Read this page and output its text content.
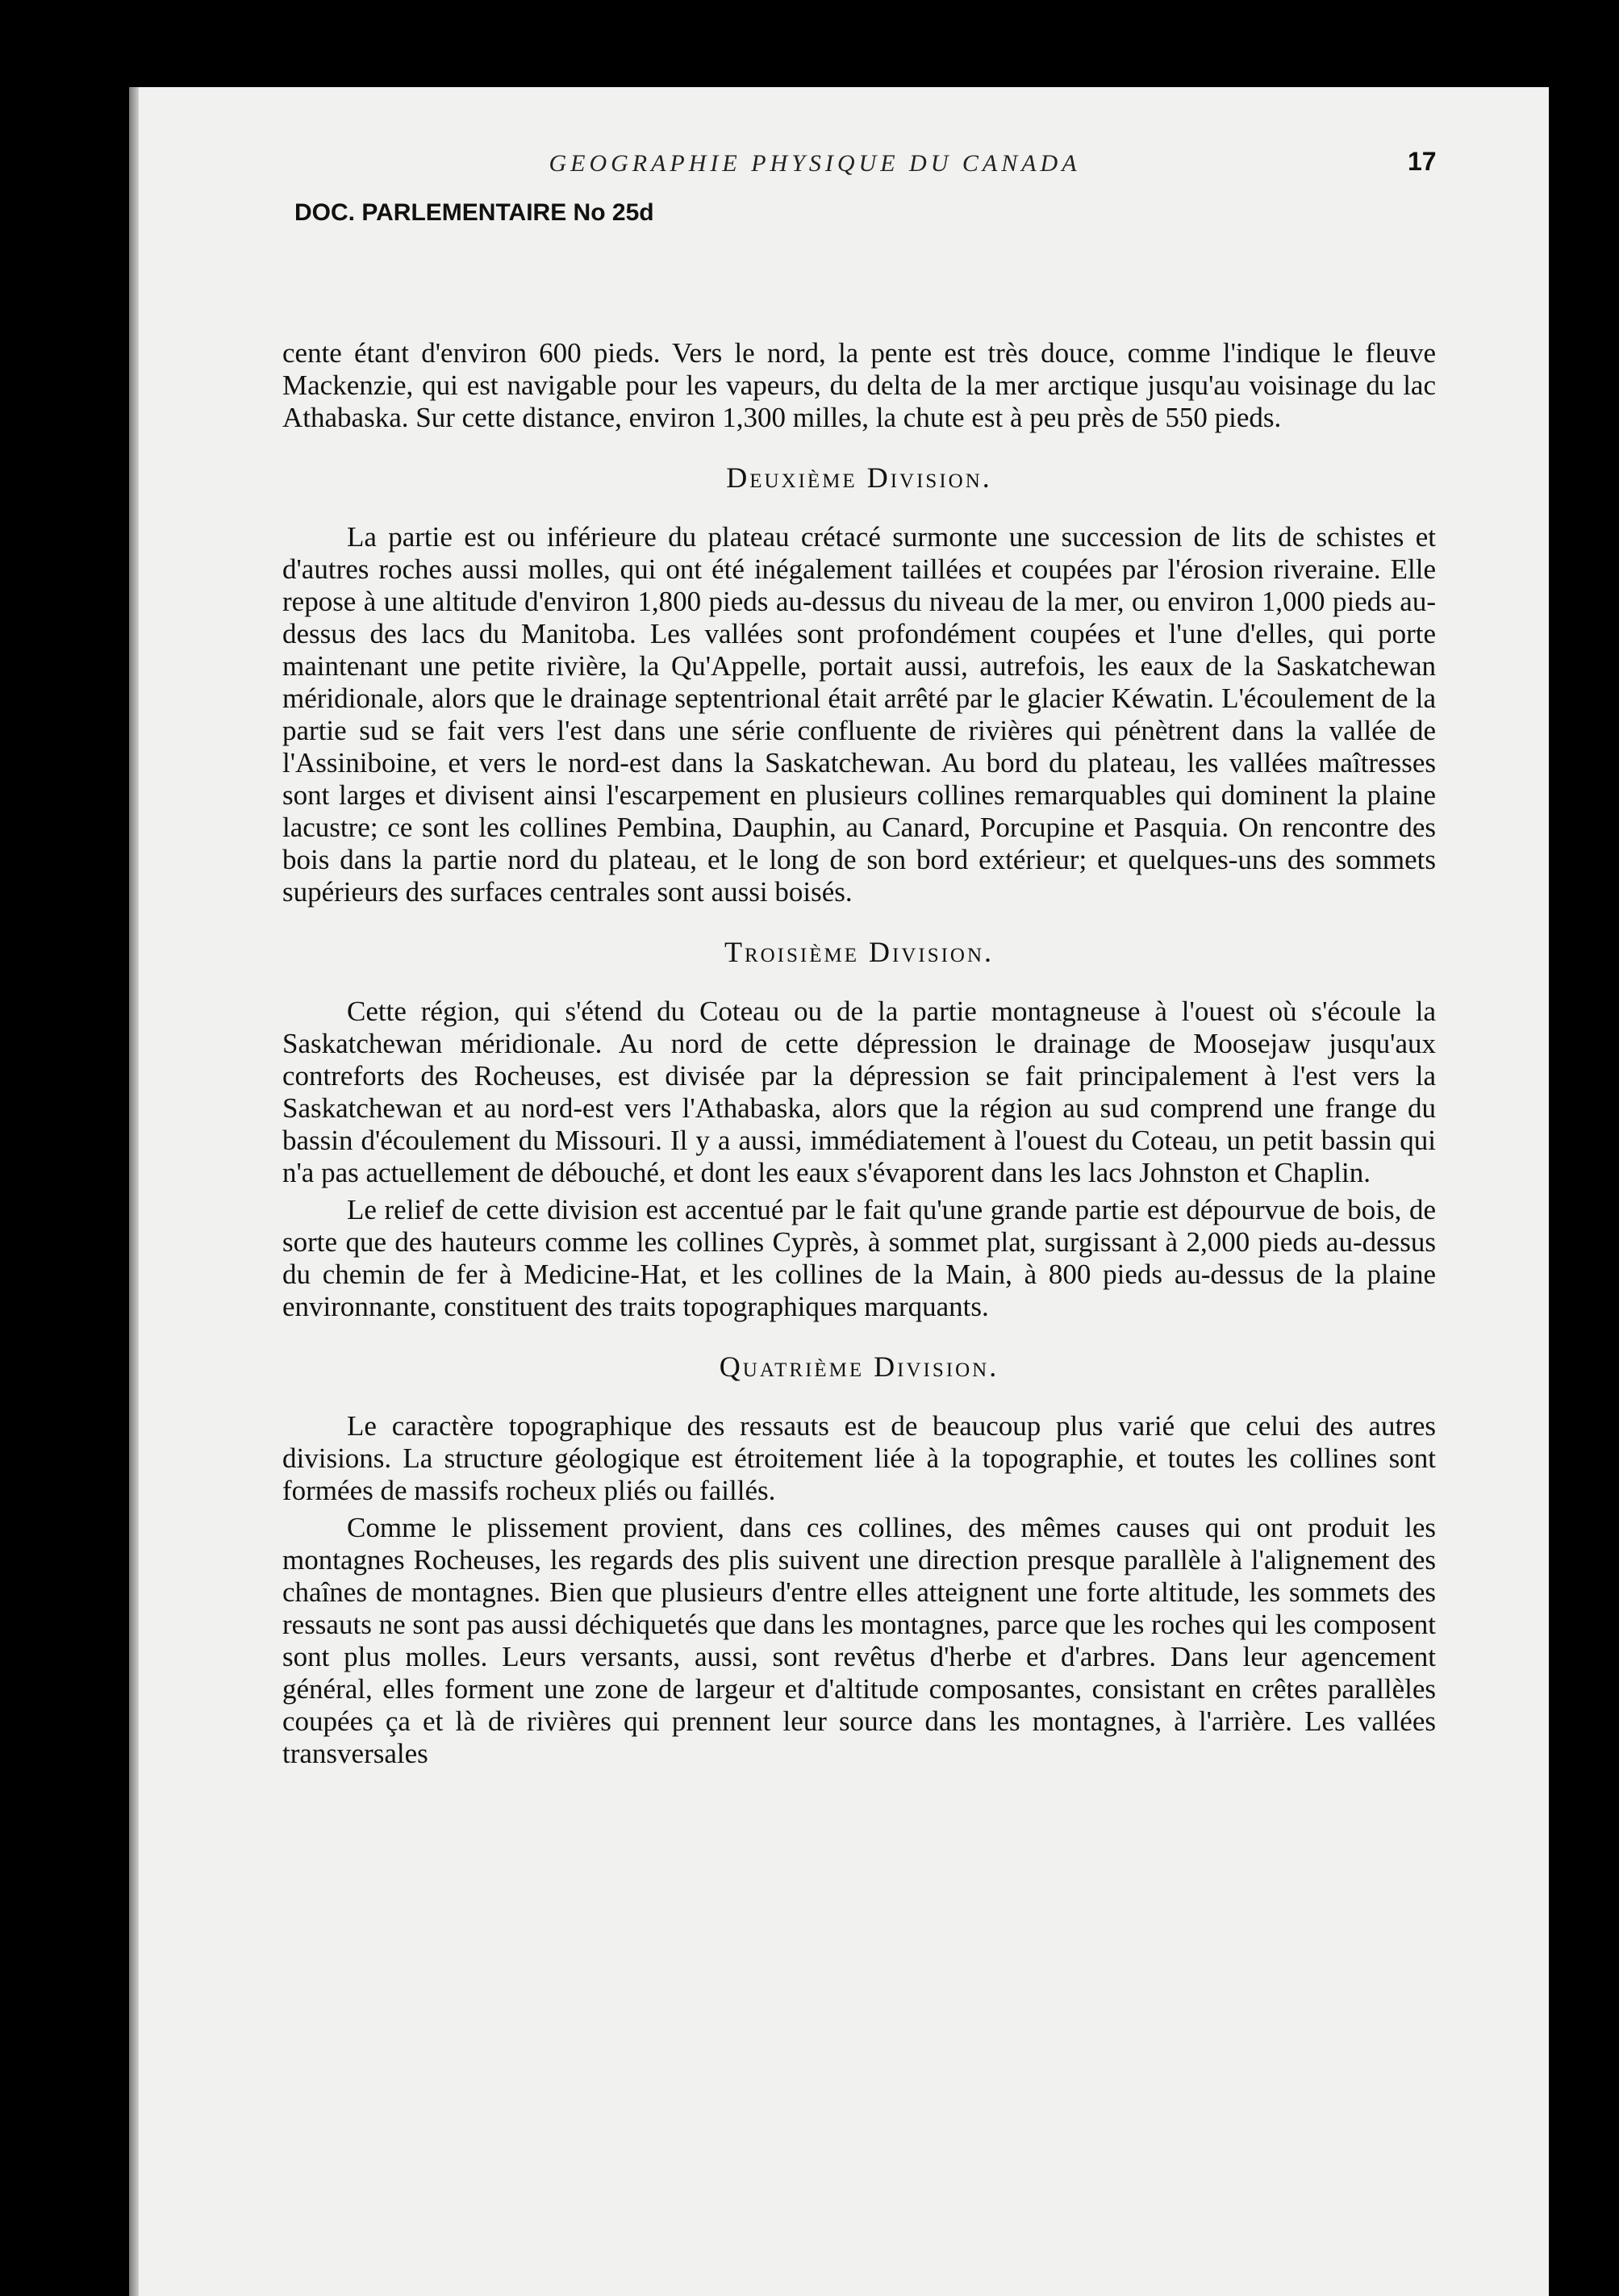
GEOGRAPHIE PHYSIQUE DU CANADA	17
DOC. PARLEMENTAIRE No 25d

cente étant d'environ 600 pieds. Vers le nord, la pente est très douce, comme l'indique le fleuve Mackenzie, qui est navigable pour les vapeurs, du delta de la mer arctique jusqu'au voisinage du lac Athabaska. Sur cette distance, environ 1,300 milles, la chute est à peu près de 550 pieds.

Deuxième Division.

La partie est ou inférieure du plateau crétacé surmonte une succession de lits de schistes et d'autres roches aussi molles, qui ont été inégalement taillées et coupées par l'érosion riveraine. Elle repose à une altitude d'environ 1,800 pieds au-dessus du niveau de la mer, ou environ 1,000 pieds au-dessus des lacs du Manitoba. Les vallées sont profondément coupées et l'une d'elles, qui porte maintenant une petite rivière, la Qu'Appelle, portait aussi, autrefois, les eaux de la Saskatchewan méridionale, alors que le drainage septentrional était arrêté par le glacier Kéwatin. L'écoulement de la partie sud se fait vers l'est dans une série confluente de rivières qui pénètrent dans la vallée de l'Assiniboine, et vers le nord-est dans la Saskatchewan. Au bord du plateau, les vallées maîtresses sont larges et divisent ainsi l'escarpement en plusieurs collines remarquables qui dominent la plaine lacustre; ce sont les collines Pembina, Dauphin, au Canard, Porcupine et Pasquia. On rencontre des bois dans la partie nord du plateau, et le long de son bord extérieur; et quelques-uns des sommets supérieurs des surfaces centrales sont aussi boisés.

Troisième Division.

Cette région, qui s'étend du Coteau ou de la partie montagneuse à l'ouest où s'écoule la Saskatchewan méridionale. Au nord de cette dépression le drainage de Moosejaw jusqu'aux contreforts des Rocheuses, est divisée par la dépression se fait principalement à l'est vers la Saskatchewan et au nord-est vers l'Athabaska, alors que la région au sud comprend une frange du bassin d'écoulement du Missouri. Il y a aussi, immédiatement à l'ouest du Coteau, un petit bassin qui n'a pas actuellement de débouché, et dont les eaux s'évaporent dans les lacs Johnston et Chaplin.

Le relief de cette division est accentué par le fait qu'une grande partie est dépourvue de bois, de sorte que des hauteurs comme les collines Cyprès, à sommet plat, surgissant à 2,000 pieds au-dessus du chemin de fer à Medicine-Hat, et les collines de la Main, à 800 pieds au-dessus de la plaine environnante, constituent des traits topographiques marquants.

Quatrième Division.

Le caractère topographique des ressauts est de beaucoup plus varié que celui des autres divisions. La structure géologique est étroitement liée à la topographie, et toutes les collines sont formées de massifs rocheux pliés ou faillés.

Comme le plissement provient, dans ces collines, des mêmes causes qui ont produit les montagnes Rocheuses, les regards des plis suivent une direction presque parallèle à l'alignement des chaînes de montagnes. Bien que plusieurs d'entre elles atteignent une forte altitude, les sommets des ressauts ne sont pas aussi déchiquetés que dans les montagnes, parce que les roches qui les composent sont plus molles. Leurs versants, aussi, sont revêtus d'herbe et d'arbres. Dans leur agencement général, elles forment une zone de largeur et d'altitude composantes, consistant en crêtes parallèles coupées ça et là de rivières qui prennent leur source dans les montagnes, à l'arrière. Les vallées transversales
